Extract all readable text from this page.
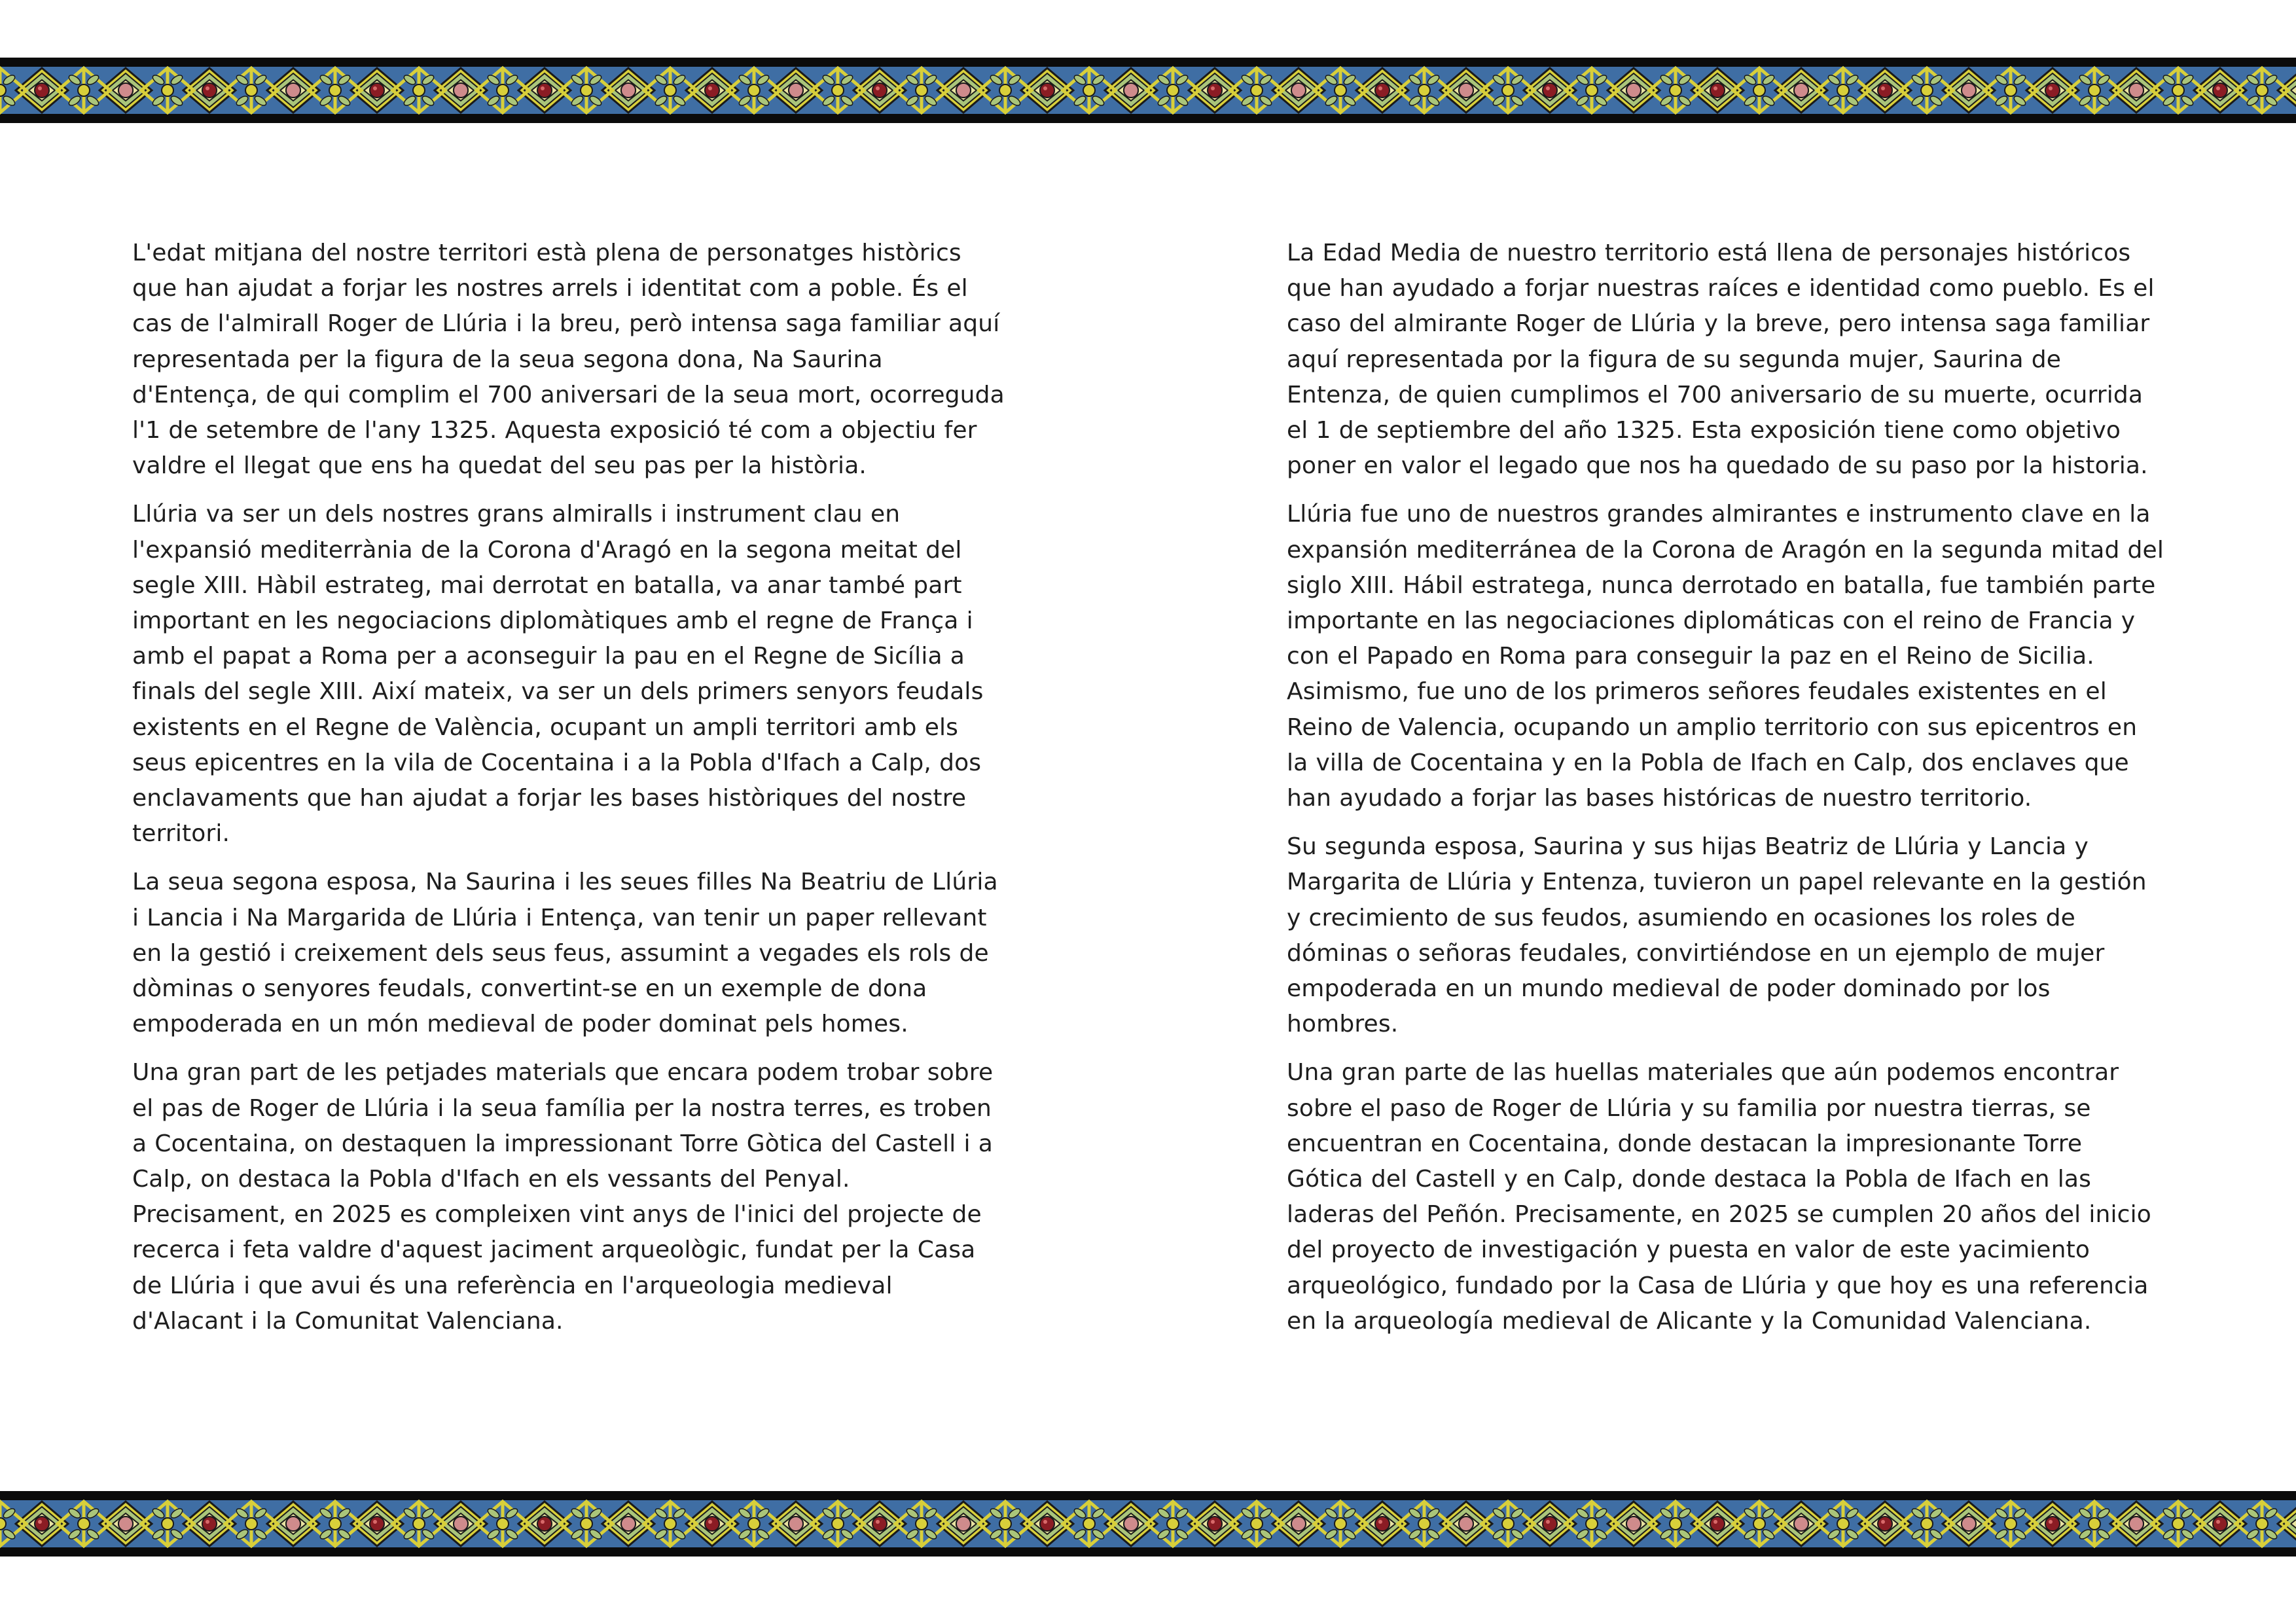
L'edat mitjana del nostre territori està plena de personatges històrics que han ajudat a forjar les nostres arrels i identitat com a poble. És el cas de l'almirall Roger de Llúria i la breu, però intensa saga familiar aquí representada per la figura de la seua segona dona, Na Saurina d'Entença, de qui complim el 700 aniversari de la seua mort, ocorreguda l'1 de setembre de l'any 1325. Aquesta exposició té com a objectiu fer valdre el llegat que ens ha quedat del seu pas per la història.

Llúria va ser un dels nostres grans almiralls i instrument clau en l'expansió mediterrània de la Corona d'Aragó en la segona meitat del segle XIII. Hàbil estrateg, mai derrotat en batalla, va anar també part important en les negociacions diplomàtiques amb el regne de França i amb el papat a Roma per a aconseguir la pau en el Regne de Sicília a finals del segle XIII. Així mateix, va ser un dels primers senyors feudals existents en el Regne de València, ocupant un ampli territori amb els seus epicentres en la vila de Cocentaina i a la Pobla d'Ifach a Calp, dos enclavaments que han ajudat a forjar les bases històriques del nostre territori.

La seua segona esposa, Na Saurina i les seues filles Na Beatriu de Llúria i Lancia i Na Margarida de Llúria i Entença, van tenir un paper rellevant en la gestió i creixement dels seus feus, assumint a vegades els rols de dòminas o senyores feudals, convertint-se en un exemple de dona empoderada en un món medieval de poder dominat pels homes.

Una gran part de les petjades materials que encara podem trobar sobre el pas de Roger de Llúria i la seua família per la nostra terres, es troben a Cocentaina, on destaquen la impressionant Torre Gòtica del Castell i a Calp, on destaca la Pobla d'Ifach en els vessants del Penyal. Precisament, en 2025 es compleixen vint anys de l'inici del projecte de recerca i feta valdre d'aquest jaciment arqueològic, fundat per la Casa de Llúria i que avui és una referència en l'arqueologia medieval d'Alacant i la Comunitat Valenciana.

La Edad Media de nuestro territorio está llena de personajes históricos que han ayudado a forjar nuestras raíces e identidad como pueblo. Es el caso del almirante Roger de Llúria y la breve, pero intensa saga familiar aquí representada por la figura de su segunda mujer, Saurina de Entenza, de quien cumplimos el 700 aniversario de su muerte, ocurrida el 1 de septiembre del año 1325. Esta exposición tiene como objetivo poner en valor el legado que nos ha quedado de su paso por la historia.

Llúria fue uno de nuestros grandes almirantes e instrumento clave en la expansión mediterránea de la Corona de Aragón en la segunda mitad del siglo XIII. Hábil estratega, nunca derrotado en batalla, fue también parte importante en las negociaciones diplomáticas con el reino de Francia y con el Papado en Roma para conseguir la paz en el Reino de Sicilia. Asimismo, fue uno de los primeros señores feudales existentes en el Reino de Valencia, ocupando un amplio territorio con sus epicentros en la villa de Cocentaina y en la Pobla de Ifach en Calp, dos enclaves que han ayudado a forjar las bases históricas de nuestro territorio.

Su segunda esposa, Saurina y sus hijas Beatriz de Llúria y Lancia y Margarita de Llúria y Entenza, tuvieron un papel relevante en la gestión y crecimiento de sus feudos, asumiendo en ocasiones los roles de dóminas o señoras feudales, convirtiéndose en un ejemplo de mujer empoderada en un mundo medieval de poder dominado por los hombres.

Una gran parte de las huellas materiales que aún podemos encontrar sobre el paso de Roger de Llúria y su familia por nuestra tierras, se encuentran en Cocentaina, donde destacan la impresionante Torre Gótica del Castell y en Calp, donde destaca la Pobla de Ifach en las laderas del Peñón. Precisamente, en 2025 se cumplen 20 años del inicio del proyecto de investigación y puesta en valor de este yacimiento arqueológico, fundado por la Casa de Llúria y que hoy es una referencia en la arqueología medieval de Alicante y la Comunidad Valenciana.
